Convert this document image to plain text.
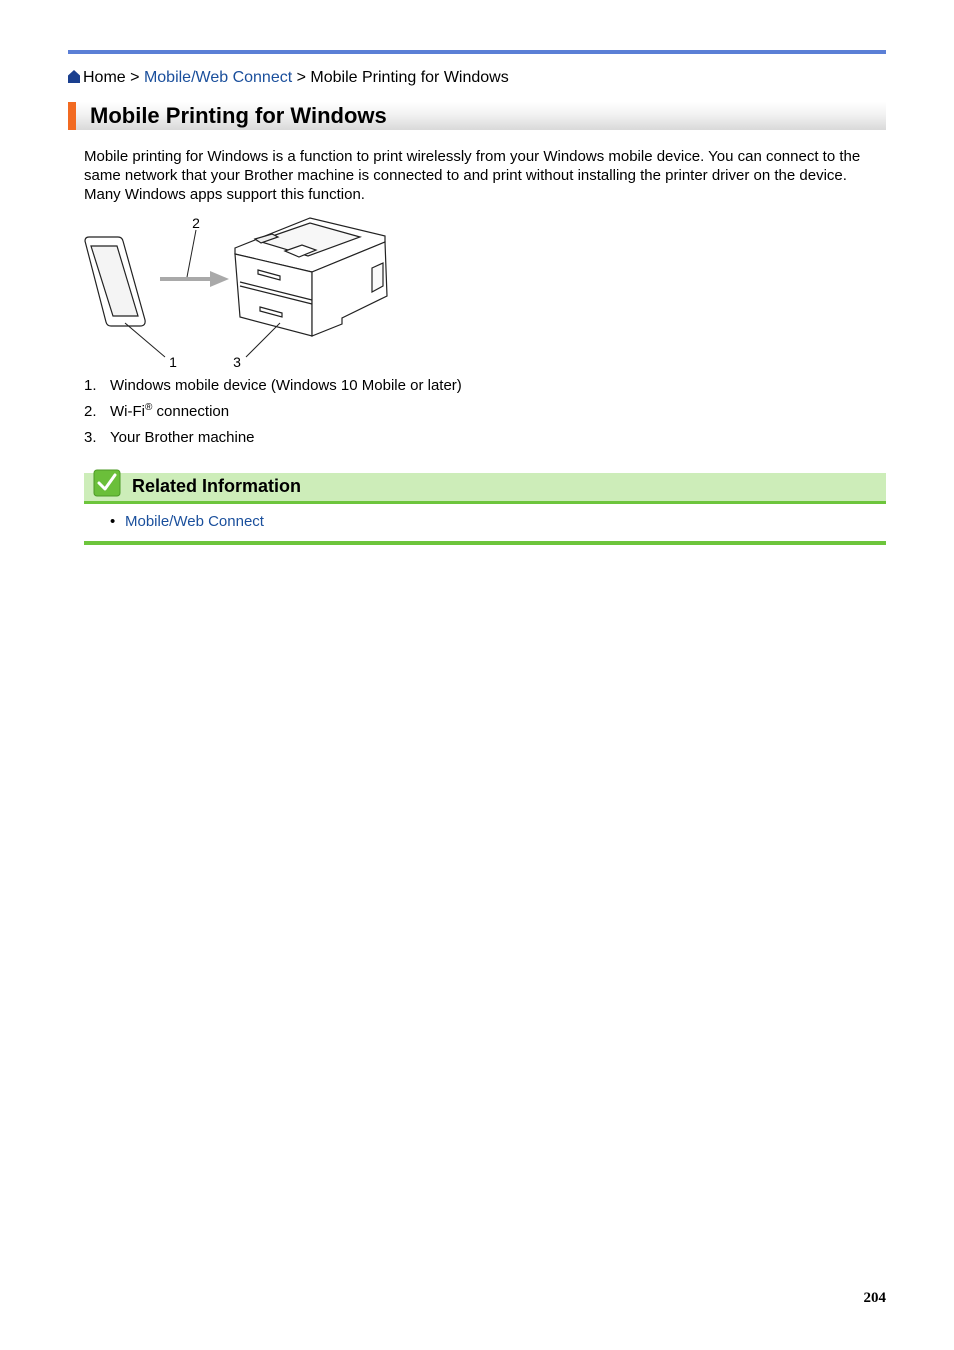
Home > Mobile/Web Connect > Mobile Printing for Windows
Mobile Printing for Windows

Mobile printing for Windows is a function to print wirelessly from your Windows mobile device. You can connect to the same network that your Brother machine is connected to and print without installing the printer driver on the device. Many Windows apps support this function.

2
1	3
1. Windows mobile device (Windows 10 Mobile or later)
2. Wi-Fi® connection
3. Your Brother machine
Related Information
• Mobile/Web Connect
204
